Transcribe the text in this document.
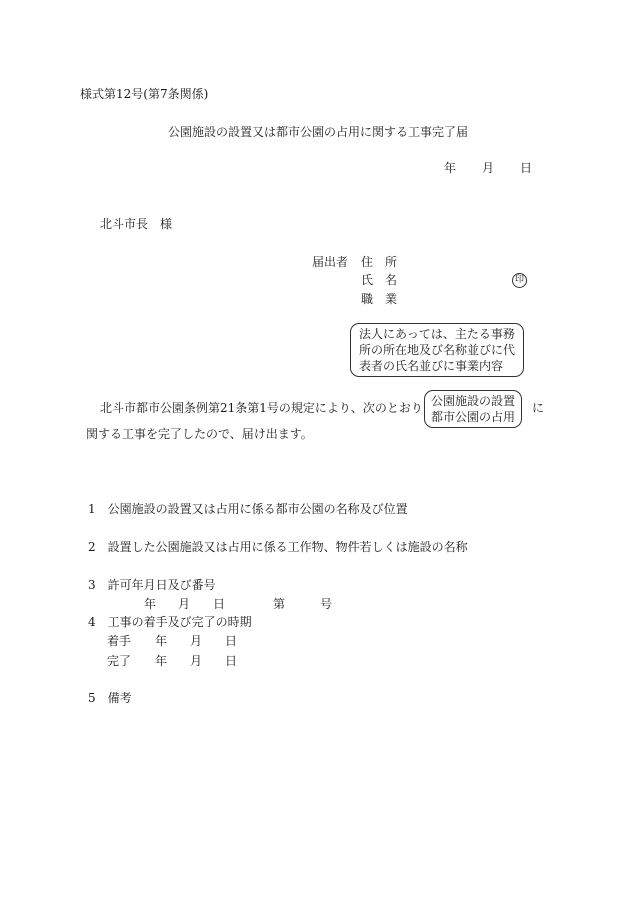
様式第12号(第7条関係)
公園施設の設置又は都市公園の占用に関する工事完了届
年 月 日
北斗市長　様
届出者 住　所
氏　名	印
職　業
法人にあっては、主たる事務
所の所在地及び名称並びに代
表者の氏名並びに事業内容
北斗市都市公園条例第21条第1号の規定により、次のとおり 公園施設の設置
都市公園の占用
に
関する工事を完了したので、届け出ます。
1 公園施設の設置又は占用に係る都市公園の名称及び位置
2 設置した公園施設又は占用に係る工作物、物件若しくは施設の名称
3 許可年月日及び番号
年 月 日	第	号
4 工事の着手及び完了の時期
着手 年 月 日
完了 年 月 日
5 備考
